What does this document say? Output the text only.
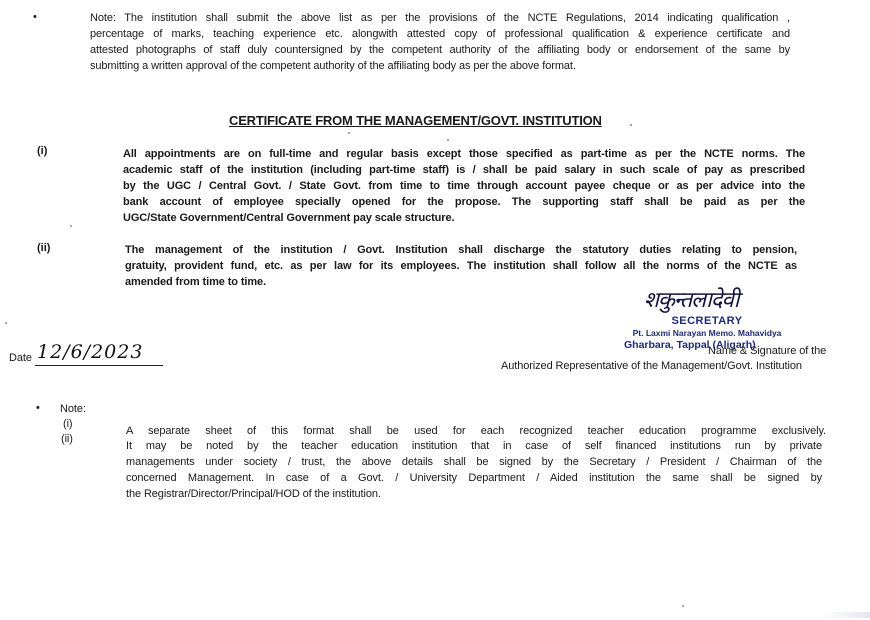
•	Note: The institution shall submit the above list as per the provisions of the NCTE Regulations, 2014 indicating qualification ,
percentage of marks, teaching experience etc. alongwith attested copy of professional qualification & experience certificate and
attested photographs of staff duly countersigned by the competent authority of the affiliating body or endorsement of the same by
submitting a written approval of the competent authority of the affiliating body as per the above format.
CERTIFICATE FROM THE MANAGEMENT/GOVT. INSTITUTION
(i)	All appointments are on full-time and regular basis except those specified as part-time as per the NCTE norms. The
academic staff of the institution (including part-time staff) is / shall be paid salary in such scale of pay as prescribed
by the UGC / Central Govt. / State Govt. from time to time through account payee cheque or as per advice into the
bank account of employee specially opened for the propose. The supporting staff shall be paid as per the
UGC/State Government/Central Government pay scale structure.
(ii)	The management of the institution / Govt. Institution shall discharge the statutory duties relating to pension,
gratuity, provident fund, etc. as per law for its employees. The institution shall follow all the norms of the NCTE as
amended from time to time.
शकुन्तलादेवी
SECRETARY
Pt. Laxmi Narayan Memo. Mahavidya
Gharbara, Tappal (Aligarh)
Name & Signature of the
Authorized Representative of the Management/Govt. Institution
Date 12/6/2023
• Note:
(i)
A separate sheet of this format shall be used for each recognized teacher education programme exclusively.
(ii)
It may be noted by the teacher education institution that in case of self financed institutions run by private
managements under society / trust, the above details shall be signed by the Secretary / President / Chairman of the
concerned Management. In case of a Govt. / University Department / Aided institution the same shall be signed by
the Registrar/Director/Principal/HOD of the institution.
